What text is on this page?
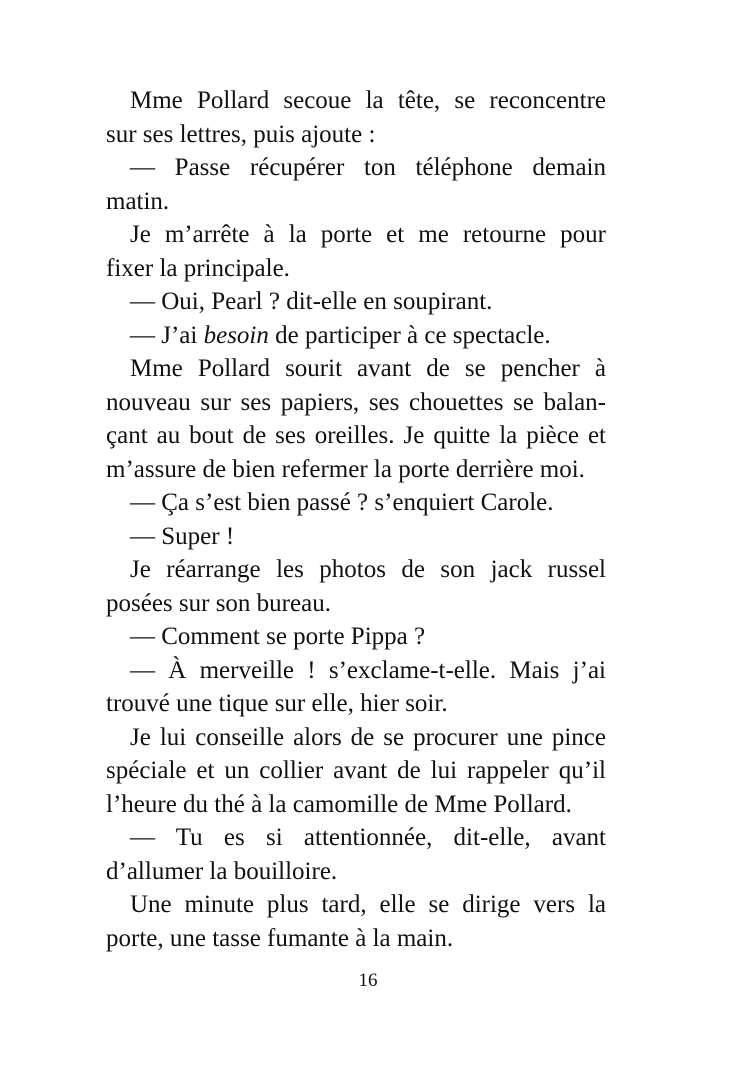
Mme Pollard secoue la tête, se reconcentre
sur ses lettres, puis ajoute :
— Passe récupérer ton téléphone demain
matin.
Je m’arrête à la porte et me retourne pour
fixer la principale.
— Oui, Pearl ? dit-elle en soupirant.
— J’ai besoin de participer à ce spectacle.
Mme Pollard sourit avant de se pencher à
nouveau sur ses papiers, ses chouettes se balan-
çant au bout de ses oreilles. Je quitte la pièce et
m’assure de bien refermer la porte derrière moi.
— Ça s’est bien passé ? s’enquiert Carole.
— Super !
Je réarrange les photos de son jack russel
posées sur son bureau.
— Comment se porte Pippa ?
— À merveille ! s’exclame-t-elle. Mais j’ai
trouvé une tique sur elle, hier soir.
Je lui conseille alors de se procurer une pince
spéciale et un collier avant de lui rappeler qu’il
l’heure du thé à la camomille de Mme Pollard.
— Tu es si attentionnée, dit-elle, avant
d’allumer la bouilloire.
Une minute plus tard, elle se dirige vers la
porte, une tasse fumante à la main.
16
